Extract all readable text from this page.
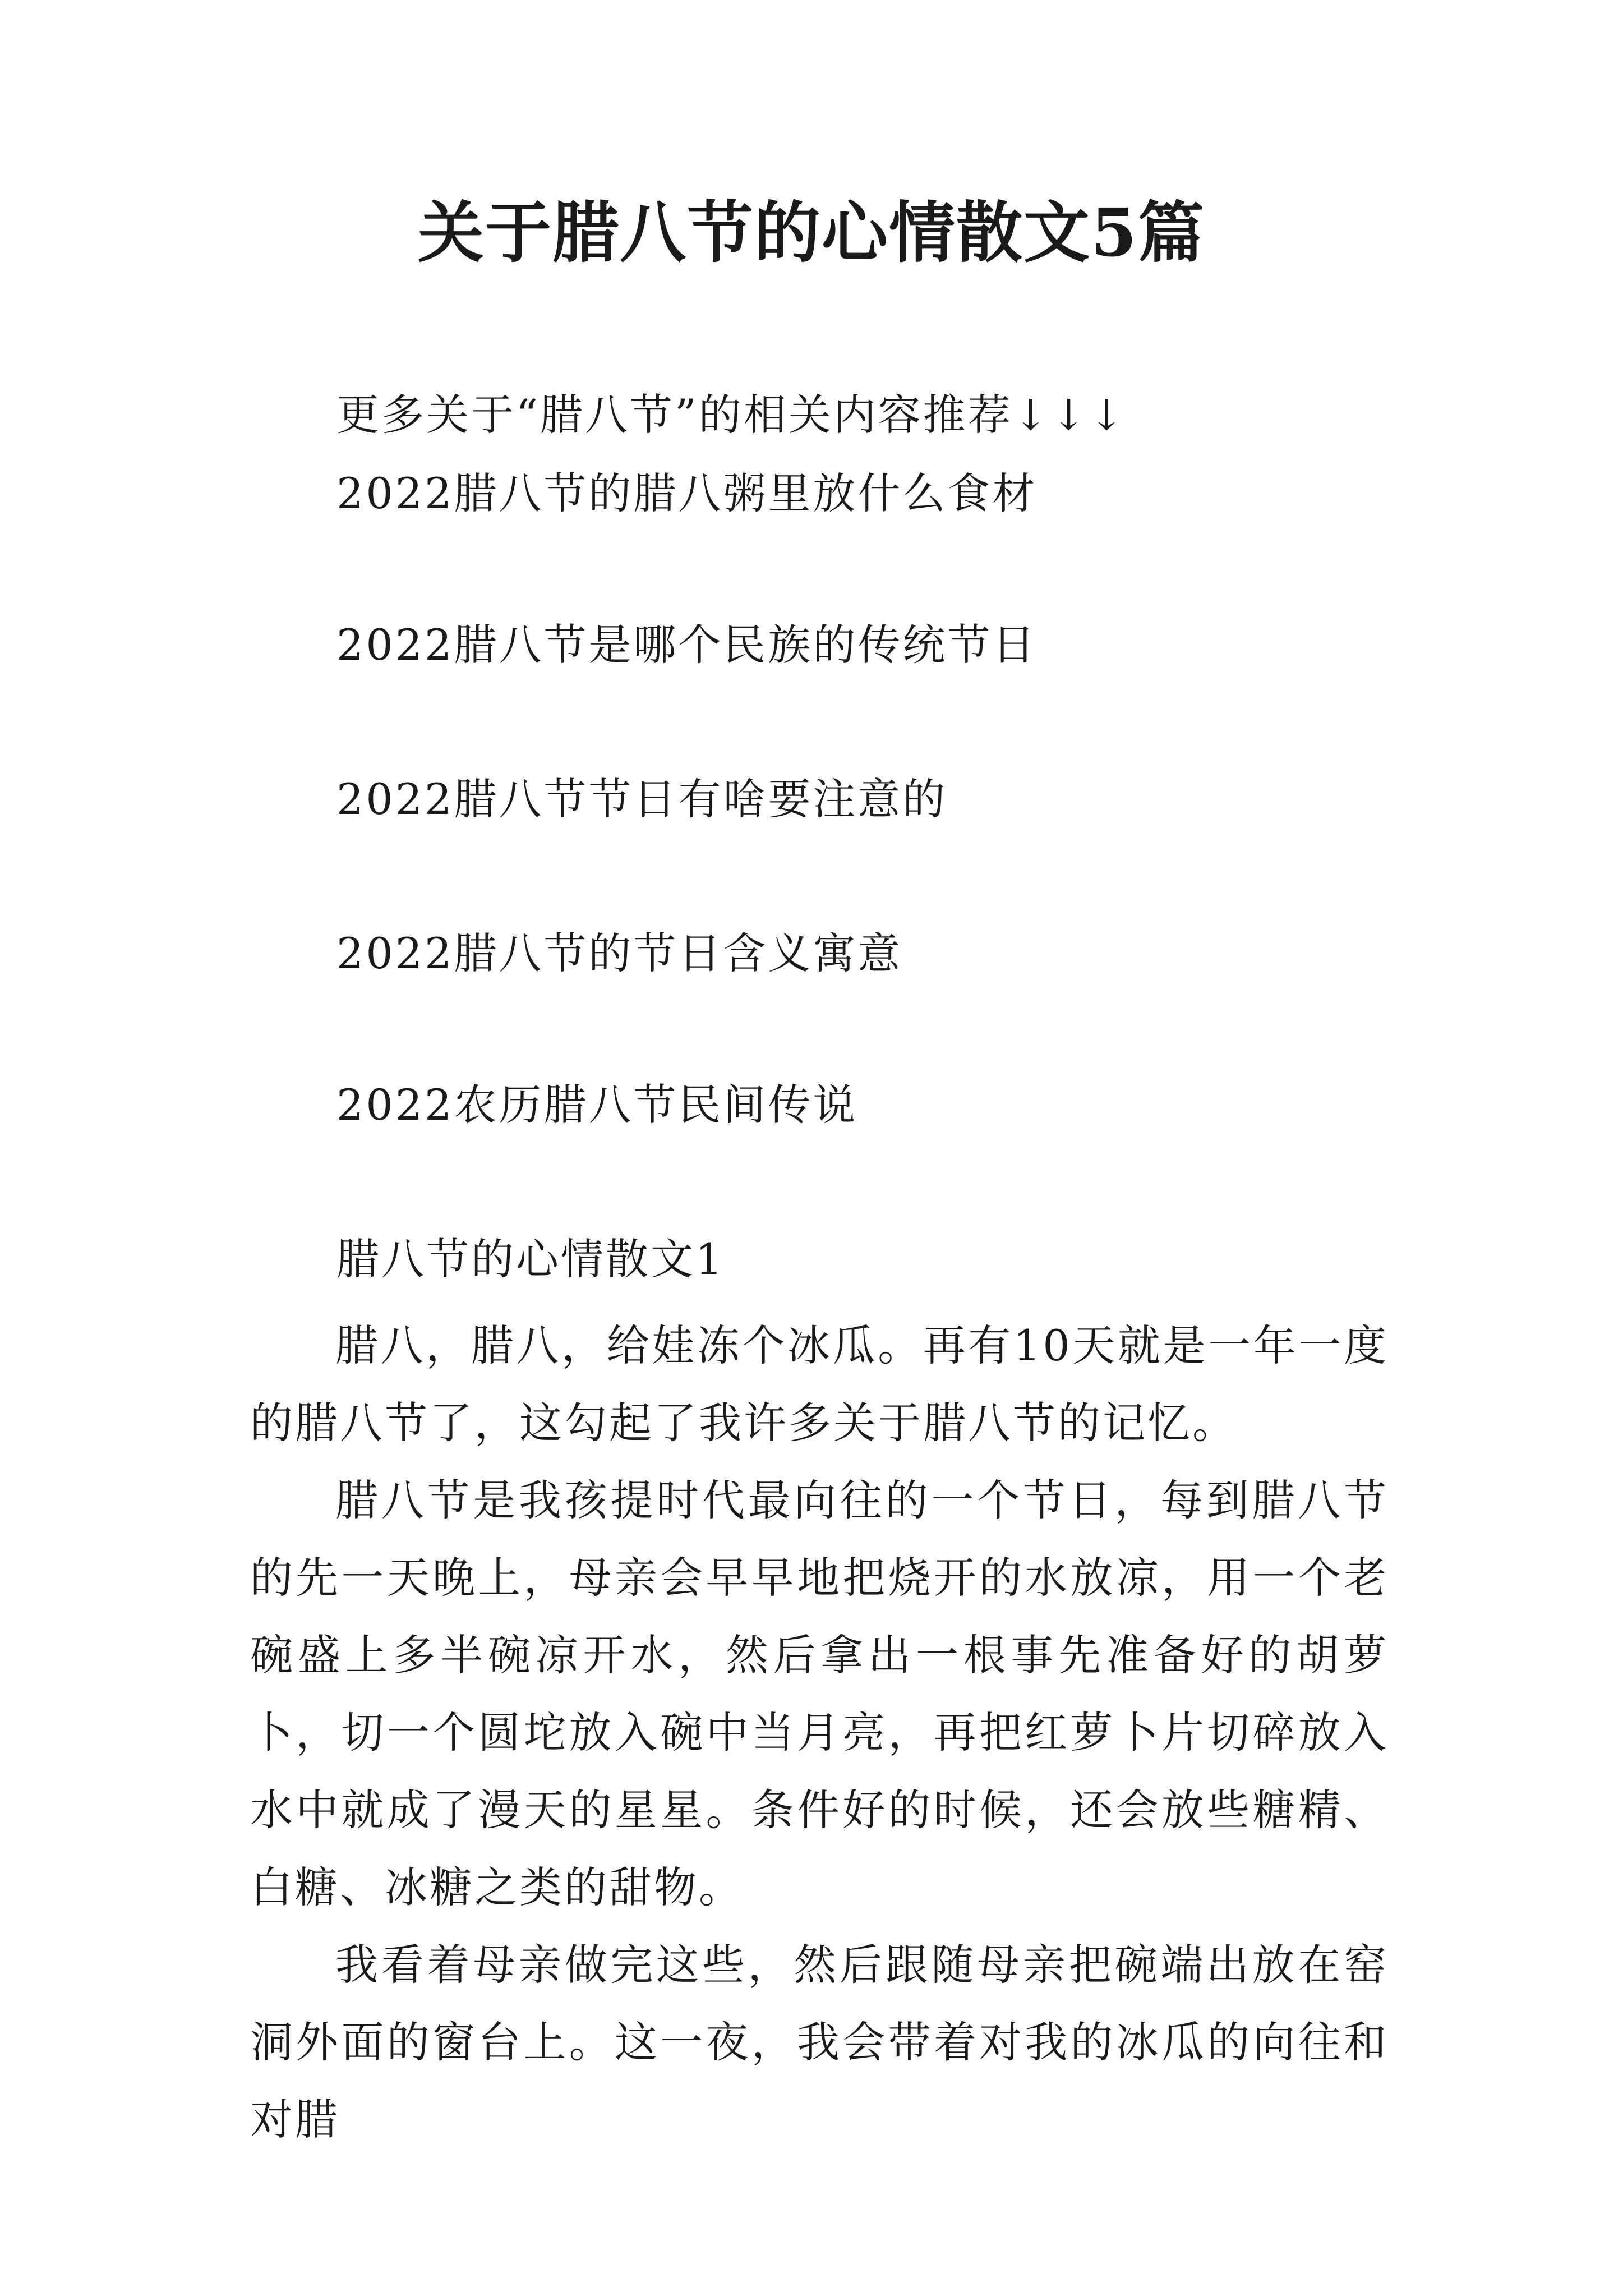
关于腊八节的心情散文5篇
更多关于“腊八节”的相关内容推荐↓↓↓
2022腊八节的腊八粥里放什么食材
2022腊八节是哪个民族的传统节日
2022腊八节节日有啥要注意的
2022腊八节的节日含义寓意
2022农历腊八节民间传说
腊八节的心情散文1

腊八，腊八，给娃冻个冰瓜。再有10天就是一年一度的腊八节了，这勾起了我许多关于腊八节的记忆。

腊八节是我孩提时代最向往的一个节日，每到腊八节的先一天晚上，母亲会早早地把烧开的水放凉，用一个老碗盛上多半碗凉开水，然后拿出一根事先准备好的胡萝卜，切一个圆坨放入碗中当月亮，再把红萝卜片切碎放入水中就成了漫天的星星。条件好的时候，还会放些糖精、白糖、冰糖之类的甜物。

我看着母亲做完这些，然后跟随母亲把碗端出放在窑洞外面的窗台上。这一夜，我会带着对我的冰瓜的向往和对腊
